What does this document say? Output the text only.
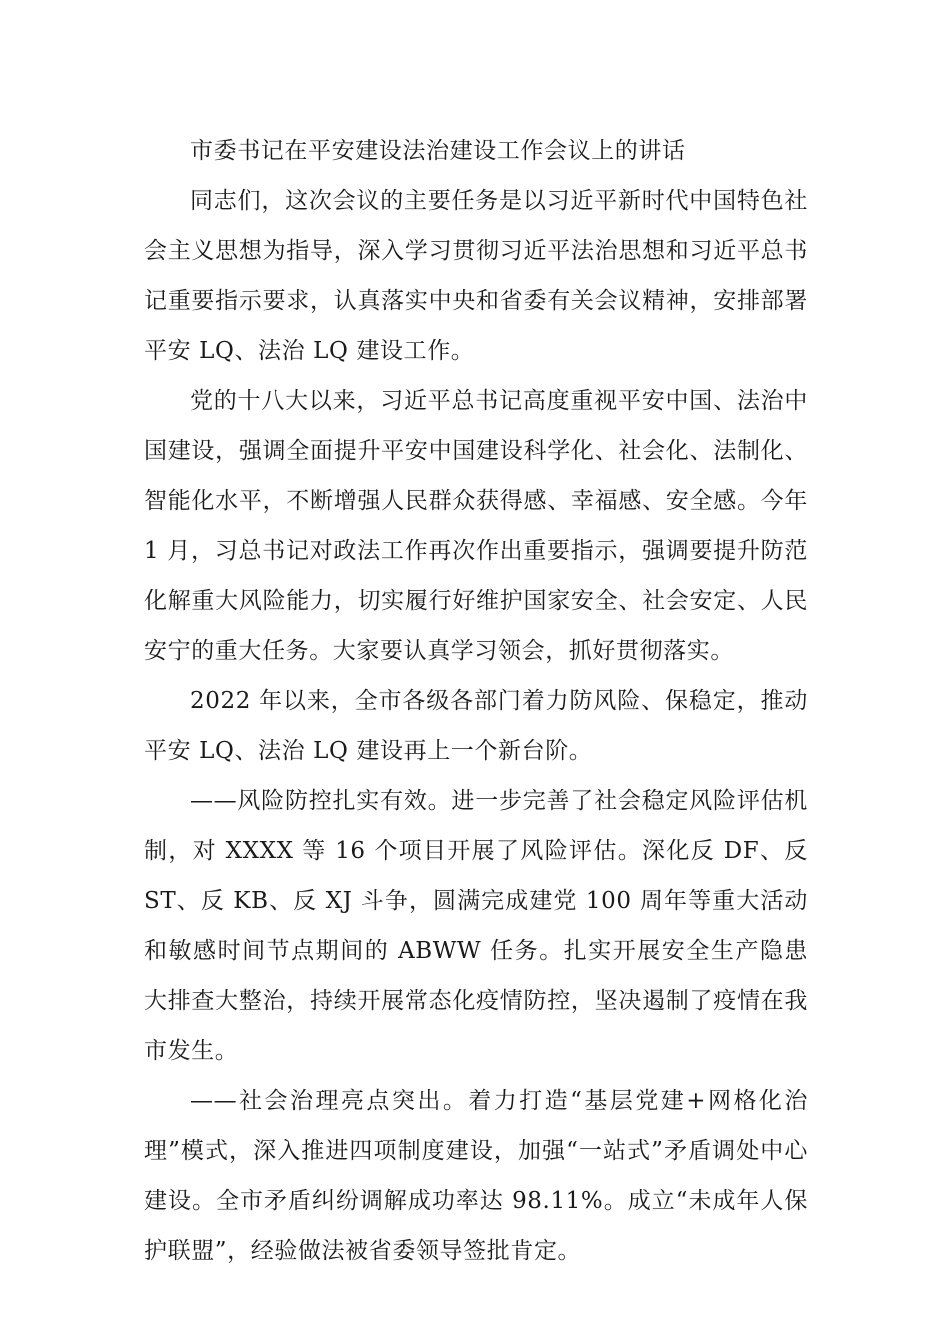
市委书记在平安建设法治建设工作会议上的讲话

同志们，这次会议的主要任务是以习近平新时代中国特色社会主义思想为指导，深入学习贯彻习近平法治思想和习近平总书记重要指示要求，认真落实中央和省委有关会议精神，安排部署平安 LQ、法治 LQ 建设工作。

党的十八大以来，习近平总书记高度重视平安中国、法治中国建设，强调全面提升平安中国建设科学化、社会化、法制化、智能化水平，不断增强人民群众获得感、幸福感、安全感。今年 1 月，习总书记对政法工作再次作出重要指示，强调要提升防范化解重大风险能力，切实履行好维护国家安全、社会安定、人民安宁的重大任务。大家要认真学习领会，抓好贯彻落实。

2022 年以来，全市各级各部门着力防风险、保稳定，推动平安 LQ、法治 LQ 建设再上一个新台阶。

——风险防控扎实有效。进一步完善了社会稳定风险评估机制，对 XXXX 等 16 个项目开展了风险评估。深化反 DF、反 ST、反 KB、反 XJ 斗争，圆满完成建党 100 周年等重大活动和敏感时间节点期间的 ABWW 任务。扎实开展安全生产隐患大排查大整治，持续开展常态化疫情防控，坚决遏制了疫情在我市发生。

——社会治理亮点突出。着力打造“基层党建+网格化治理”模式，深入推进四项制度建设，加强“一站式”矛盾调处中心建设。全市矛盾纠纷调解成功率达 98.11%。成立“未成年人保护联盟”，经验做法被省委领导签批肯定。
